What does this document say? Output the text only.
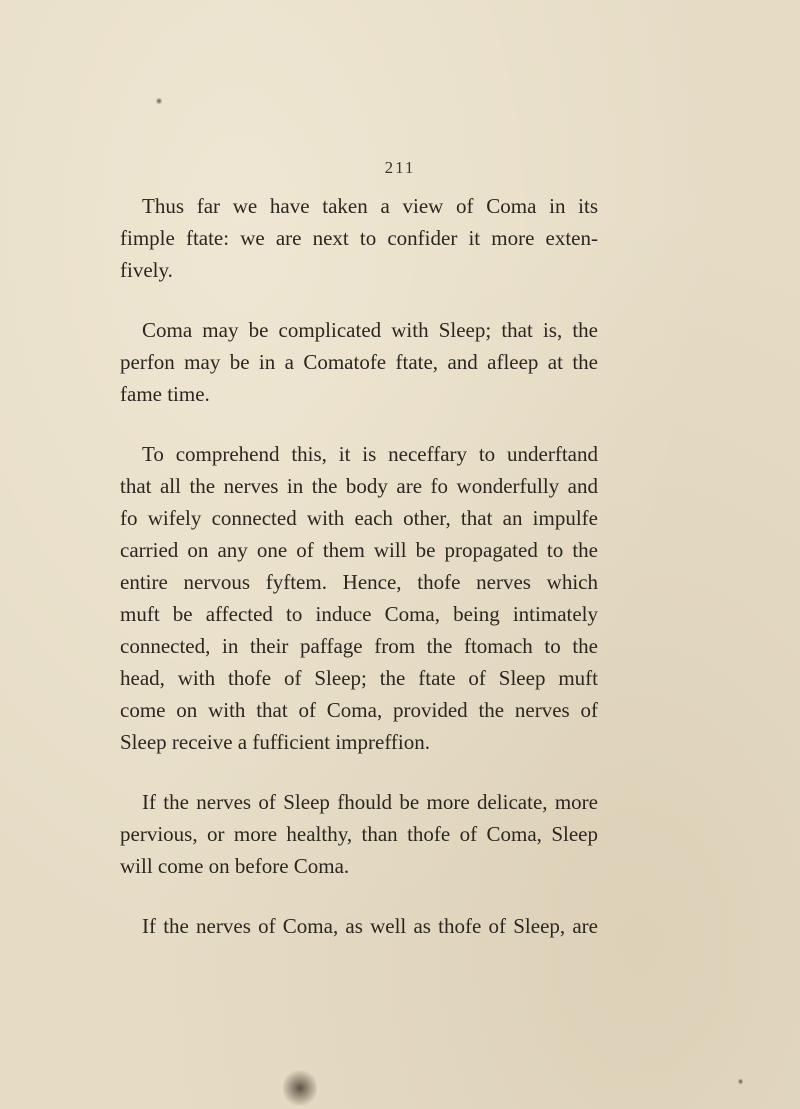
211
Thus far we have taken a view of Coma in its
fimple ftate: we are next to confider it more exten-
fively.
Coma may be complicated with Sleep; that is, the
perfon may be in a Comatofe ftate, and afleep at the
fame time.
To comprehend this, it is neceffary to underftand
that all the nerves in the body are fo wonderfully and
fo wifely connected with each other, that an impulfe
carried on any one of them will be propagated to the
entire nervous fyftem. Hence, thofe nerves which
muft be affected to induce Coma, being intimately
connected, in their paffage from the ftomach to the
head, with thofe of Sleep; the ftate of Sleep muft
come on with that of Coma, provided the nerves of
Sleep receive a fufficient impreffion.
If the nerves of Sleep fhould be more delicate, more
pervious, or more healthy, than thofe of Coma, Sleep
will come on before Coma.
If the nerves of Coma, as well as thofe of Sleep, are
